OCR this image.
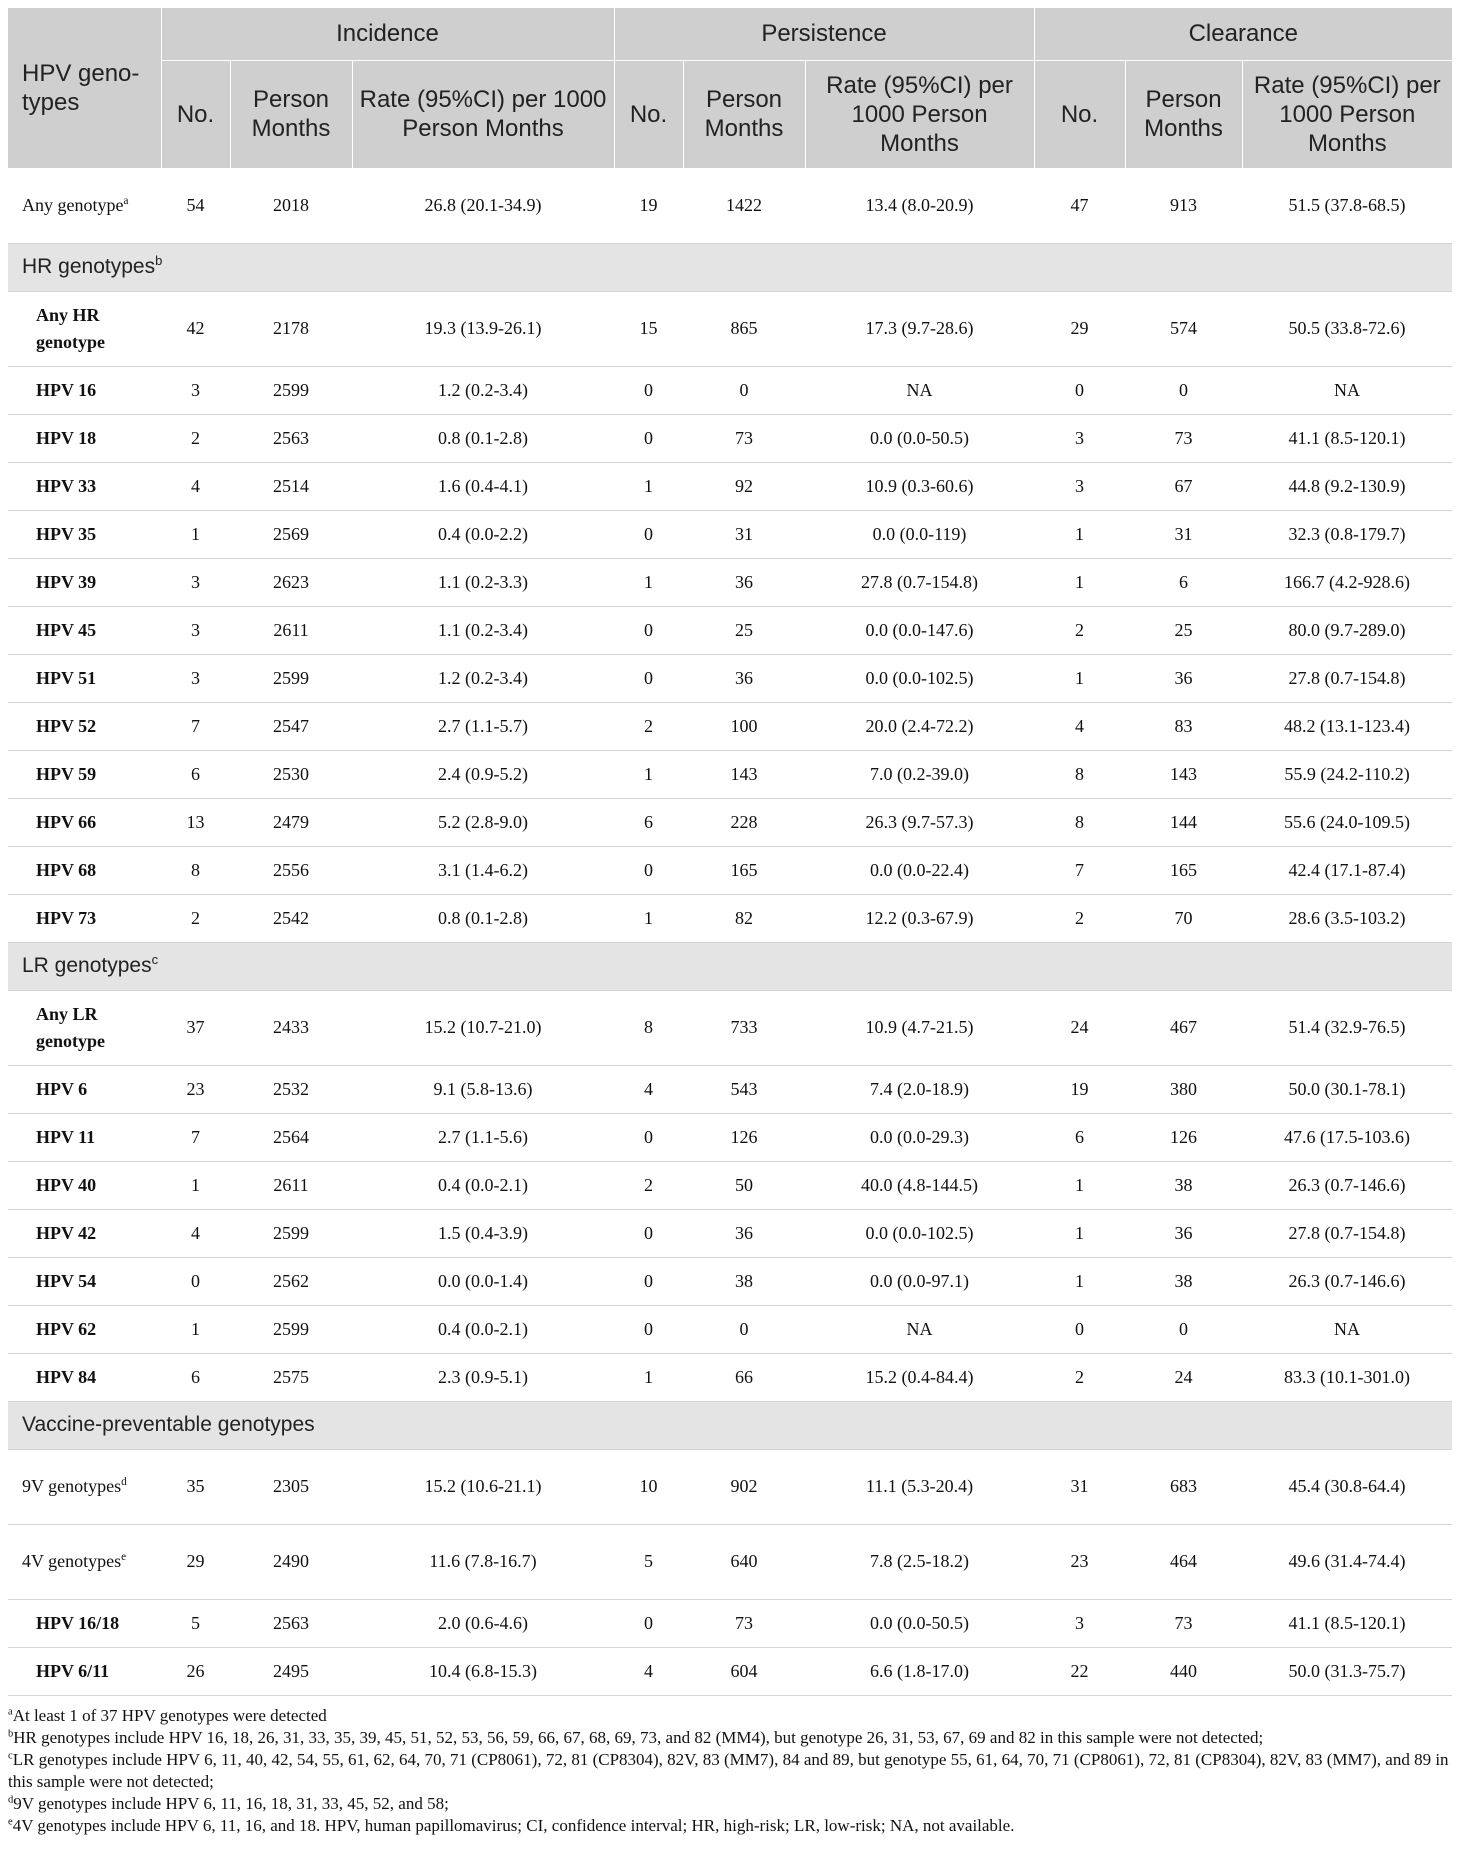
HPV geno-types	Incidence			Persistence			Clearance		
	No.	Person Months	Rate (95%CI) per 1000 Person Months	No.	Person Months	Rate (95%CI) per 1000 Person Months	No.	Person Months	Rate (95%CI) per 1000 Person Months
Any genotype$^a$	54	2018	26.8 (20.1-34.9)	19	1422	13.4 (8.0-20.9)	47	913	51.5 (37.8-68.5)
HR genotypes$^b$
Any HR genotype	42	2178	19.3 (13.9-26.1)	15	865	17.3 (9.7-28.6)	29	574	50.5 (33.8-72.6)
HPV 16	3	2599	1.2 (0.2-3.4)	0	0	NA	0	0	NA
HPV 18	2	2563	0.8 (0.1-2.8)	0	73	0.0 (0.0-50.5)	3	73	41.1 (8.5-120.1)
HPV 33	4	2514	1.6 (0.4-4.1)	1	92	10.9 (0.3-60.6)	3	67	44.8 (9.2-130.9)
HPV 35	1	2569	0.4 (0.0-2.2)	0	31	0.0 (0.0-119)	1	31	32.3 (0.8-179.7)
HPV 39	3	2623	1.1 (0.2-3.3)	1	36	27.8 (0.7-154.8)	1	6	166.7 (4.2-928.6)
HPV 45	3	2611	1.1 (0.2-3.4)	0	25	0.0 (0.0-147.6)	2	25	80.0 (9.7-289.0)
HPV 51	3	2599	1.2 (0.2-3.4)	0	36	0.0 (0.0-102.5)	1	36	27.8 (0.7-154.8)
HPV 52	7	2547	2.7 (1.1-5.7)	2	100	20.0 (2.4-72.2)	4	83	48.2 (13.1-123.4)
HPV 59	6	2530	2.4 (0.9-5.2)	1	143	7.0 (0.2-39.0)	8	143	55.9 (24.2-110.2)
HPV 66	13	2479	5.2 (2.8-9.0)	6	228	26.3 (9.7-57.3)	8	144	55.6 (24.0-109.5)
HPV 68	8	2556	3.1 (1.4-6.2)	0	165	0.0 (0.0-22.4)	7	165	42.4 (17.1-87.4)
HPV 73	2	2542	0.8 (0.1-2.8)	1	82	12.2 (0.3-67.9)	2	70	28.6 (3.5-103.2)
LR genotypes$^c$
Any LR genotype	37	2433	15.2 (10.7-21.0)	8	733	10.9 (4.7-21.5)	24	467	51.4 (32.9-76.5)
HPV 6	23	2532	9.1 (5.8-13.6)	4	543	7.4 (2.0-18.9)	19	380	50.0 (30.1-78.1)
HPV 11	7	2564	2.7 (1.1-5.6)	0	126	0.0 (0.0-29.3)	6	126	47.6 (17.5-103.6)
HPV 40	1	2611	0.4 (0.0-2.1)	2	50	40.0 (4.8-144.5)	1	38	26.3 (0.7-146.6)
HPV 42	4	2599	1.5 (0.4-3.9)	0	36	0.0 (0.0-102.5)	1	36	27.8 (0.7-154.8)
HPV 54	0	2562	0.0 (0.0-1.4)	0	38	0.0 (0.0-97.1)	1	38	26.3 (0.7-146.6)
HPV 62	1	2599	0.4 (0.0-2.1)	0	0	NA	0	0	NA
HPV 84	6	2575	2.3 (0.9-5.1)	1	66	15.2 (0.4-84.4)	2	24	83.3 (10.1-301.0)
Vaccine-preventable genotypes									
9V genotypes$^d$	35	2305	15.2 (10.6-21.1)	10	902	11.1 (5.3-20.4)	31	683	45.4 (30.8-64.4)
4V genotypes$^e$	29	2490	11.6 (7.8-16.7)	5	640	7.8 (2.5-18.2)	23	464	49.6 (31.4-74.4)
HPV 16/18	5	2563	2.0 (0.6-4.6)	0	73	0.0 (0.0-50.5)	3	73	41.1 (8.5-120.1)
HPV 6/11	26	2495	10.4 (6.8-15.3)	4	604	6.6 (1.8-17.0)	22	440	50.0 (31.3-75.7)

$^a$At least 1 of 37 HPV genotypes were detected

$^b$HR genotypes include HPV 16, 18, 26, 31, 33, 35, 39, 45, 51, 52, 53, 56, 59, 66, 67, 68, 69, 73, and 82 (MM4), but genotype 26, 31, 53, 67, 69 and 82 in this sample were not detected;

$^c$LR genotypes include HPV 6, 11, 40, 42, 54, 55, 61, 62, 64, 70, 71 (CP8061), 72, 81 (CP8304), 82V, 83 (MM7), 84 and 89, but genotype 55, 61, 64, 70, 71 (CP8061), 72, 81 (CP8304), 82V, 83 (MM7), and 89 in this sample were not detected;

$^d$9V genotypes include HPV 6, 11, 16, 18, 31, 33, 45, 52, and 58;

$^e$4V genotypes include HPV 6, 11, 16, and 18. HPV, human papillomavirus; CI, confidence interval; HR, high-risk; LR, low-risk; NA, not available.
